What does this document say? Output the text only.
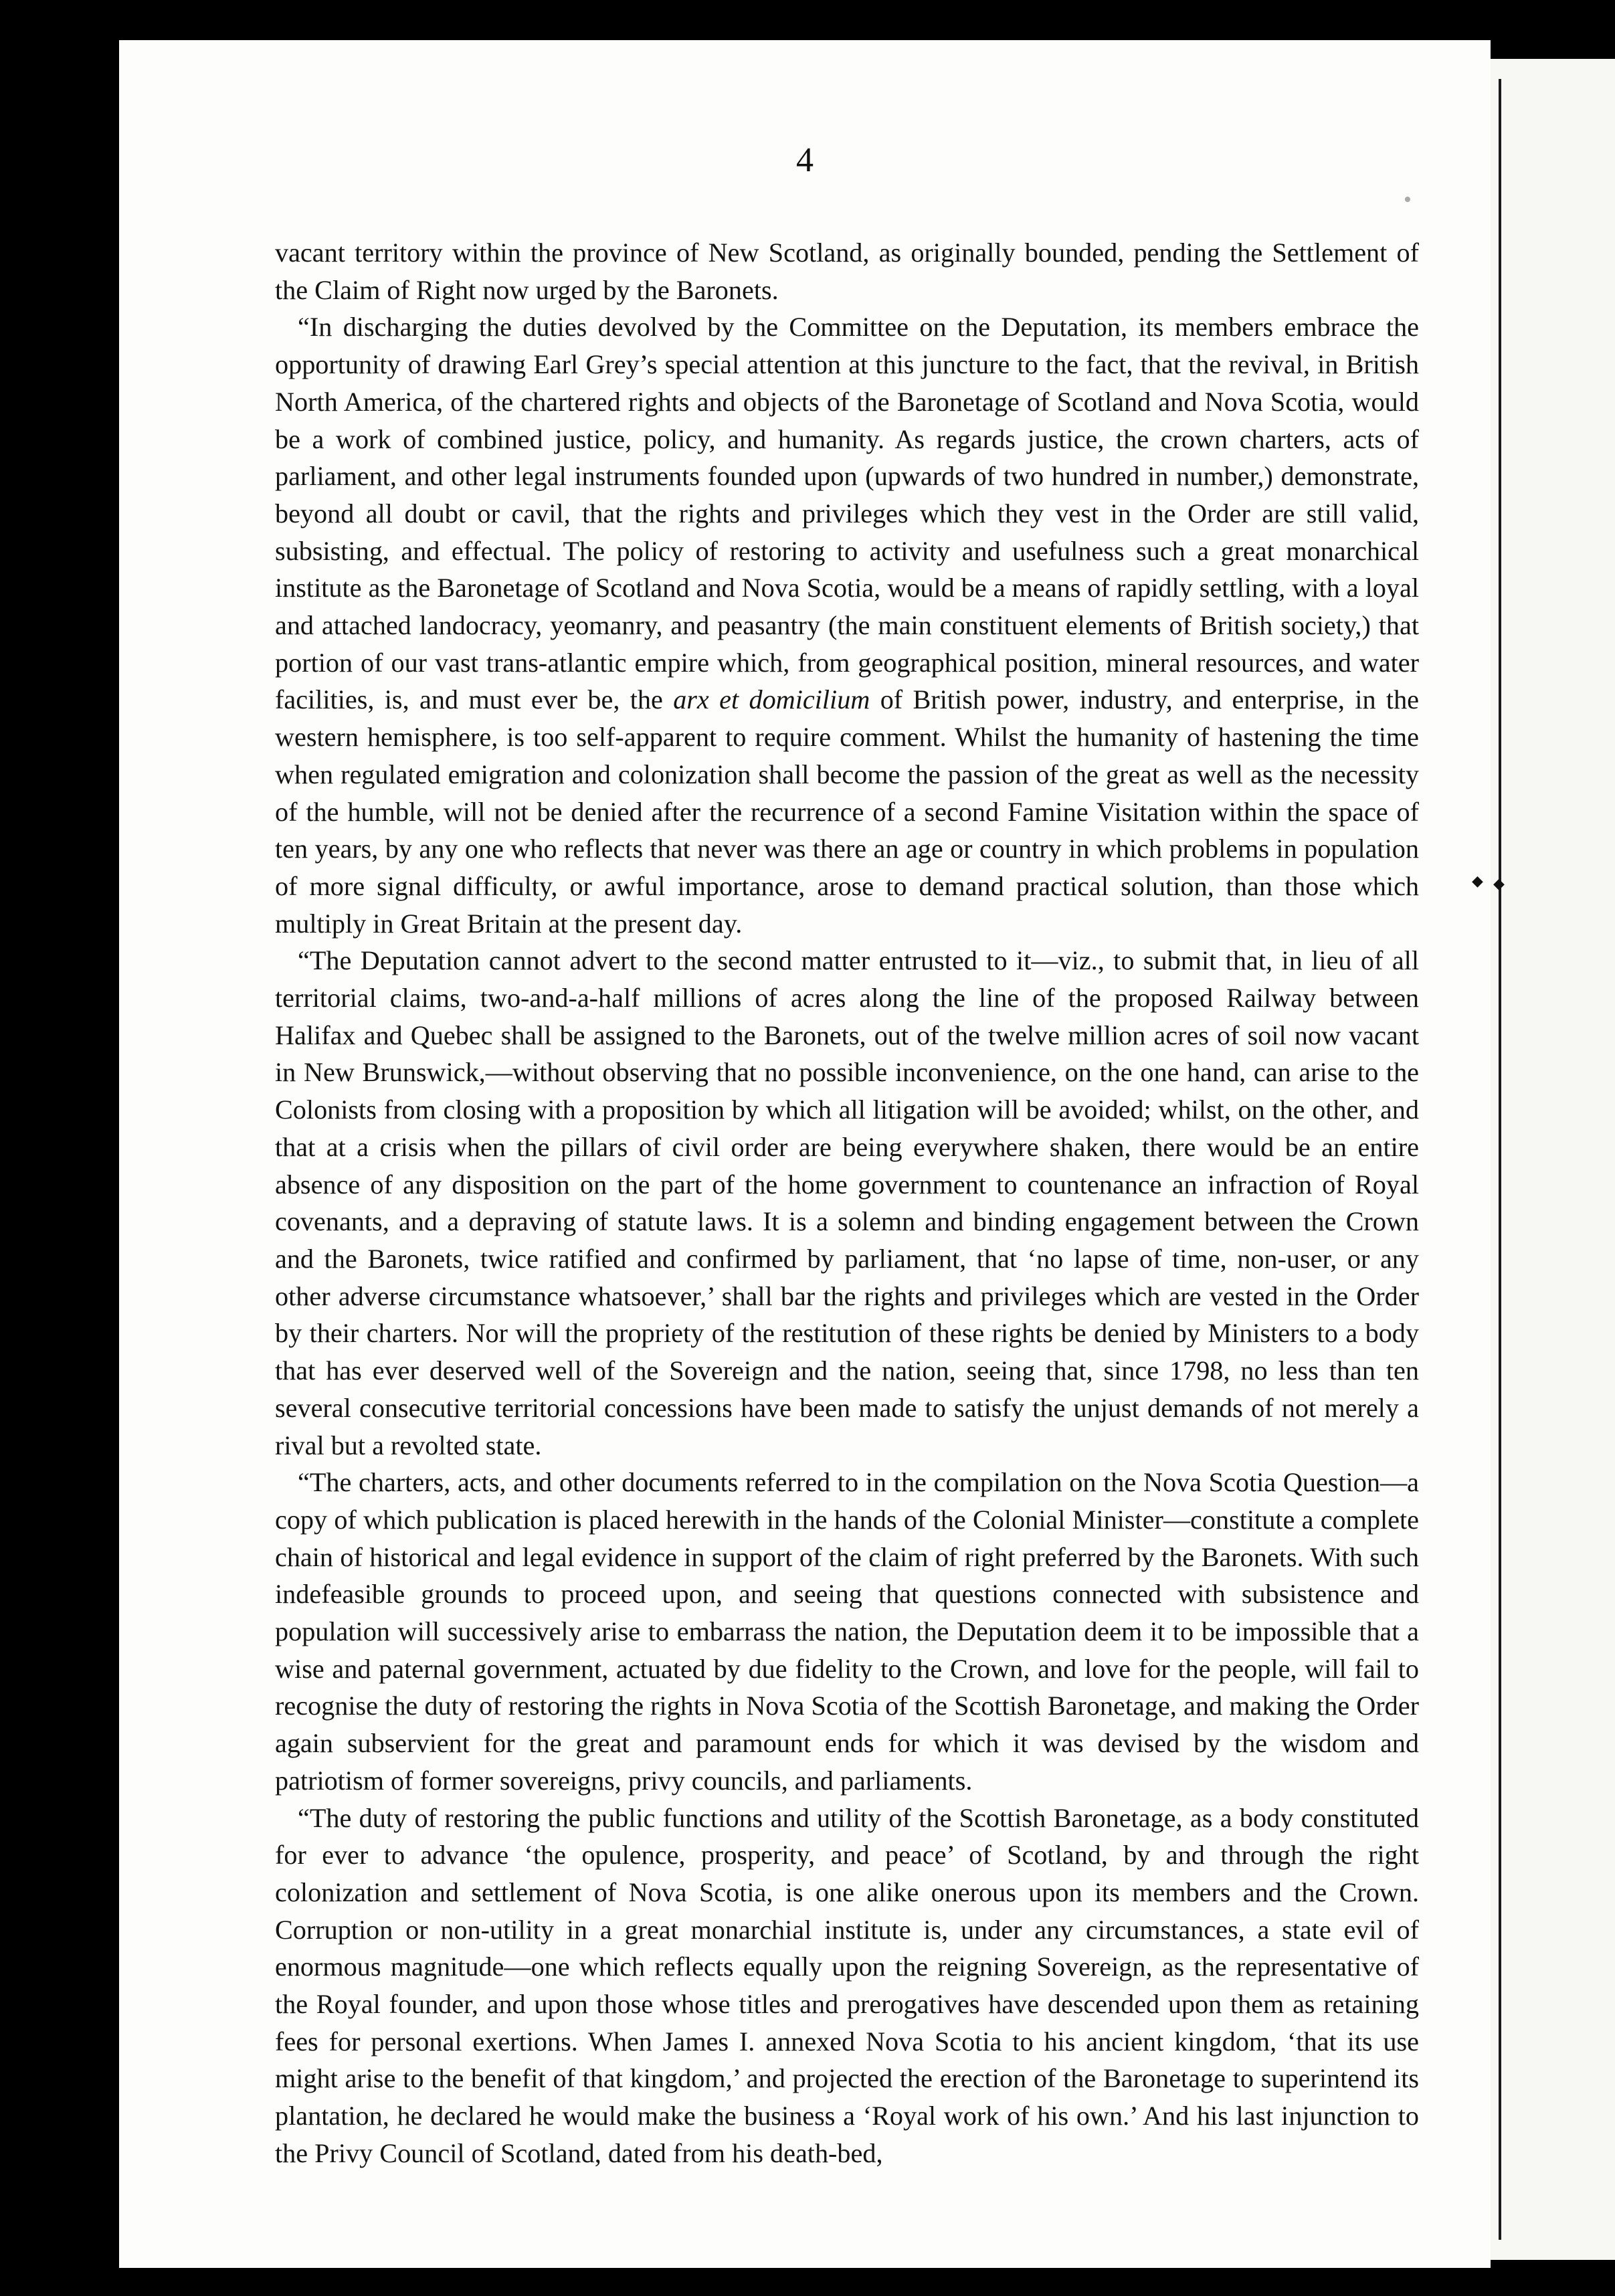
4

vacant territory within the province of New Scotland, as originally bounded, pending the Settlement of the Claim of Right now urged by the Baronets.

“In discharging the duties devolved by the Committee on the Deputation, its members embrace the opportunity of drawing Earl Grey’s special attention at this juncture to the fact, that the revival, in British North America, of the chartered rights and objects of the Baronetage of Scotland and Nova Scotia, would be a work of combined justice, policy, and humanity. As regards justice, the crown charters, acts of parliament, and other legal instruments founded upon (upwards of two hundred in number,) demonstrate, beyond all doubt or cavil, that the rights and privileges which they vest in the Order are still valid, subsisting, and effectual. The policy of restoring to activity and usefulness such a great monarchical institute as the Baronetage of Scotland and Nova Scotia, would be a means of rapidly settling, with a loyal and attached landocracy, yeomanry, and peasantry (the main constituent elements of British society,) that portion of our vast trans-atlantic empire which, from geographical position, mineral resources, and water facilities, is, and must ever be, the arx et domicilium of British power, industry, and enterprise, in the western hemisphere, is too self-apparent to require comment. Whilst the humanity of hastening the time when regulated emigration and colonization shall become the passion of the great as well as the necessity of the humble, will not be denied after the recurrence of a second Famine Visitation within the space of ten years, by any one who reflects that never was there an age or country in which problems in population of more signal difficulty, or awful importance, arose to demand practical solution, than those which multiply in Great Britain at the present day.

“The Deputation cannot advert to the second matter entrusted to it—viz., to submit that, in lieu of all territorial claims, two-and-a-half millions of acres along the line of the proposed Railway between Halifax and Quebec shall be assigned to the Baronets, out of the twelve million acres of soil now vacant in New Brunswick,—without observing that no possible inconvenience, on the one hand, can arise to the Colonists from closing with a proposition by which all litigation will be avoided; whilst, on the other, and that at a crisis when the pillars of civil order are being everywhere shaken, there would be an entire absence of any disposition on the part of the home government to countenance an infraction of Royal covenants, and a depraving of statute laws. It is a solemn and binding engagement between the Crown and the Baronets, twice ratified and confirmed by parliament, that ‘no lapse of time, non-user, or any other adverse circumstance whatsoever,’ shall bar the rights and privileges which are vested in the Order by their charters. Nor will the propriety of the restitution of these rights be denied by Ministers to a body that has ever deserved well of the Sovereign and the nation, seeing that, since 1798, no less than ten several consecutive territorial concessions have been made to satisfy the unjust demands of not merely a rival but a revolted state.

“The charters, acts, and other documents referred to in the compilation on the Nova Scotia Question—a copy of which publication is placed herewith in the hands of the Colonial Minister—constitute a complete chain of historical and legal evidence in support of the claim of right preferred by the Baronets. With such indefeasible grounds to proceed upon, and seeing that questions connected with subsistence and population will successively arise to embarrass the nation, the Deputation deem it to be impossible that a wise and paternal government, actuated by due fidelity to the Crown, and love for the people, will fail to recognise the duty of restoring the rights in Nova Scotia of the Scottish Baronetage, and making the Order again subservient for the great and paramount ends for which it was devised by the wisdom and patriotism of former sovereigns, privy councils, and parliaments.

“The duty of restoring the public functions and utility of the Scottish Baronetage, as a body constituted for ever to advance ‘the opulence, prosperity, and peace’ of Scotland, by and through the right colonization and settlement of Nova Scotia, is one alike onerous upon its members and the Crown. Corruption or non-utility in a great monarchial institute is, under any circumstances, a state evil of enormous magnitude—one which reflects equally upon the reigning Sovereign, as the representative of the Royal founder, and upon those whose titles and prerogatives have descended upon them as retaining fees for personal exertions. When James I. annexed Nova Scotia to his ancient kingdom, ‘that its use might arise to the benefit of that kingdom,’ and projected the erection of the Baronetage to superintend its plantation, he declared he would make the business a ‘Royal work of his own.’ And his last injunction to the Privy Council of Scotland, dated from his death-bed,

•
◆ ◆
